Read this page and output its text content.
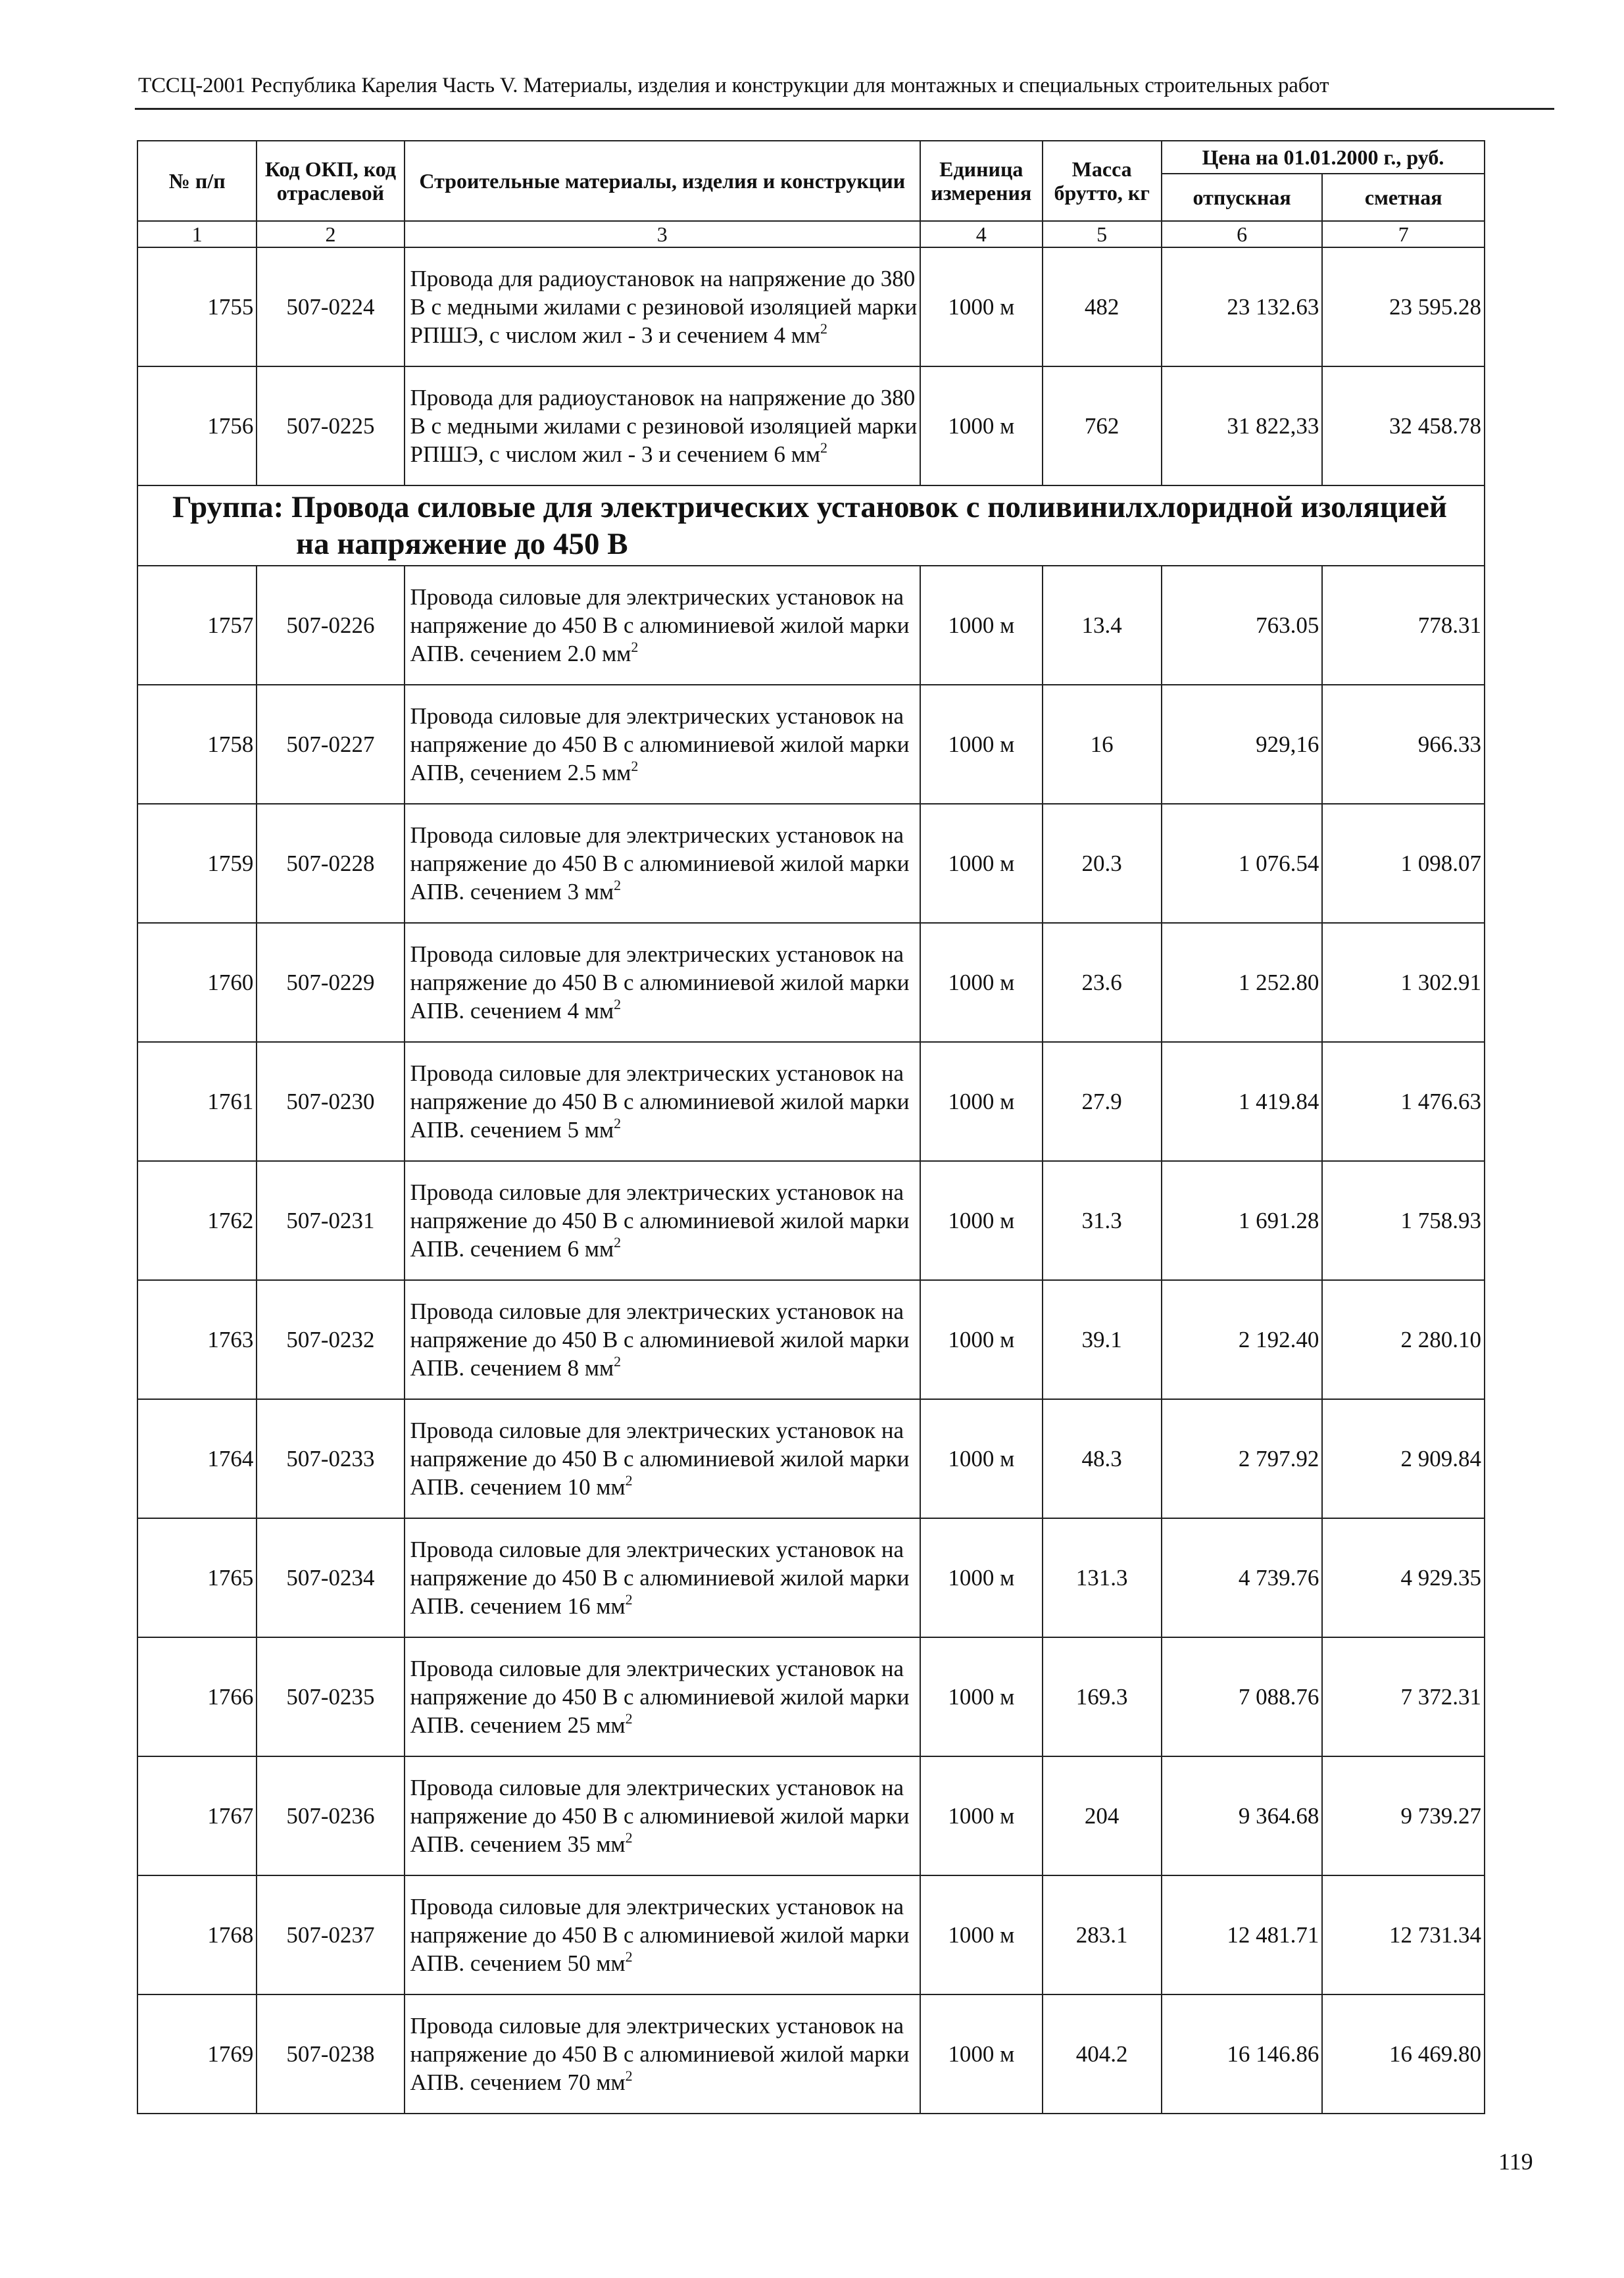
ТССЦ-2001 Республика Карелия Часть V. Материалы, изделия и конструкции для монтажных и специальных строительных работ
№ п/п	Код ОКП, код отраслевой	Строительные материалы, изделия и конструкции	Единица измерения	Масса брутто, кг	Цена на 01.01.2000 г., руб.	
					отпускная	сметная
1	2	3	4	5	6	7
1755	507-0224	Провода для радиоустановок на напряжение до 380 В с медными жилами с резиновой изоляцией марки РПШЭ, с числом жил - 3 и сечением 4 $мм^2$	1000 м	482	23 132.63	23 595.28
1756	507-0225	Провода для радиоустановок на напряжение до 380 В с медными жилами с резиновой изоляцией марки РПШЭ, с числом жил - 3 и сечением 6 $мм^2$	1000 м	762	31 822,33	32 458.78

Группа: Провода силовые для электрических установок с поливинилхлоридной изоляцией на напряжение до 450 В						

1757	507-0226	Провода силовые для электрических установок на напряжение до 450 В с алюминиевой жилой марки АПВ. сечением 2.0 $мм^2$	1000 м	13.4	763.05	778.31
1758	507-0227	Провода силовые для электрических установок на напряжение до 450 В с алюминиевой жилой марки АПВ, сечением 2.5 $мм^2$	1000 м	16	929,16	966.33
1759	507-0228	Провода силовые для электрических установок на напряжение до 450 В с алюминиевой жилой марки АПВ. сечением 3 $мм^2$	1000 м	20.3	1 076.54	1 098.07
1760	507-0229	Провода силовые для электрических установок на напряжение до 450 В с алюминиевой жилой марки АПВ. сечением 4 $мм^2$	1000 м	23.6	1 252.80	1 302.91
1761	507-0230	Провода силовые для электрических установок на напряжение до 450 В с алюминиевой жилой марки АПВ. сечением 5 $мм^2$	1000 м	27.9	1 419.84	1 476.63
1762	507-0231	Провода силовые для электрических установок на напряжение до 450 В с алюминиевой жилой марки АПВ. сечением 6 $мм^2$	1000 м	31.3	1 691.28	1 758.93
1763	507-0232	Провода силовые для электрических установок на напряжение до 450 В с алюминиевой жилой марки АПВ. сечением 8 $мм^2$	1000 м	39.1	2 192.40	2 280.10
1764	507-0233	Провода силовые для электрических установок на напряжение до 450 В с алюминиевой жилой марки АПВ. сечением 10 $мм^2$	1000 м	48.3	2 797.92	2 909.84
1765	507-0234	Провода силовые для электрических установок на напряжение до 450 В с алюминиевой жилой марки АПВ. сечением 16 $мм^2$	1000 м	131.3	4 739.76	4 929.35
1766	507-0235	Провода силовые для электрических установок на напряжение до 450 В с алюминиевой жилой марки АПВ. сечением 25 $мм^2$	1000 м	169.3	7 088.76	7 372.31
1767	507-0236	Провода силовые для электрических установок на напряжение до 450 В с алюминиевой жилой марки АПВ. сечением 35 $мм^2$	1000 м	204	9 364.68	9 739.27
1768	507-0237	Провода силовые для электрических установок на напряжение до 450 В с алюминиевой жилой марки АПВ. сечением 50 $мм^2$	1000 м	283.1	12 481.71	12 731.34
1769	507-0238	Провода силовые для электрических установок на напряжение до 450 В с алюминиевой жилой марки АПВ. сечением 70 $мм^2$	1000 м	404.2	16 146.86	16 469.80
119
